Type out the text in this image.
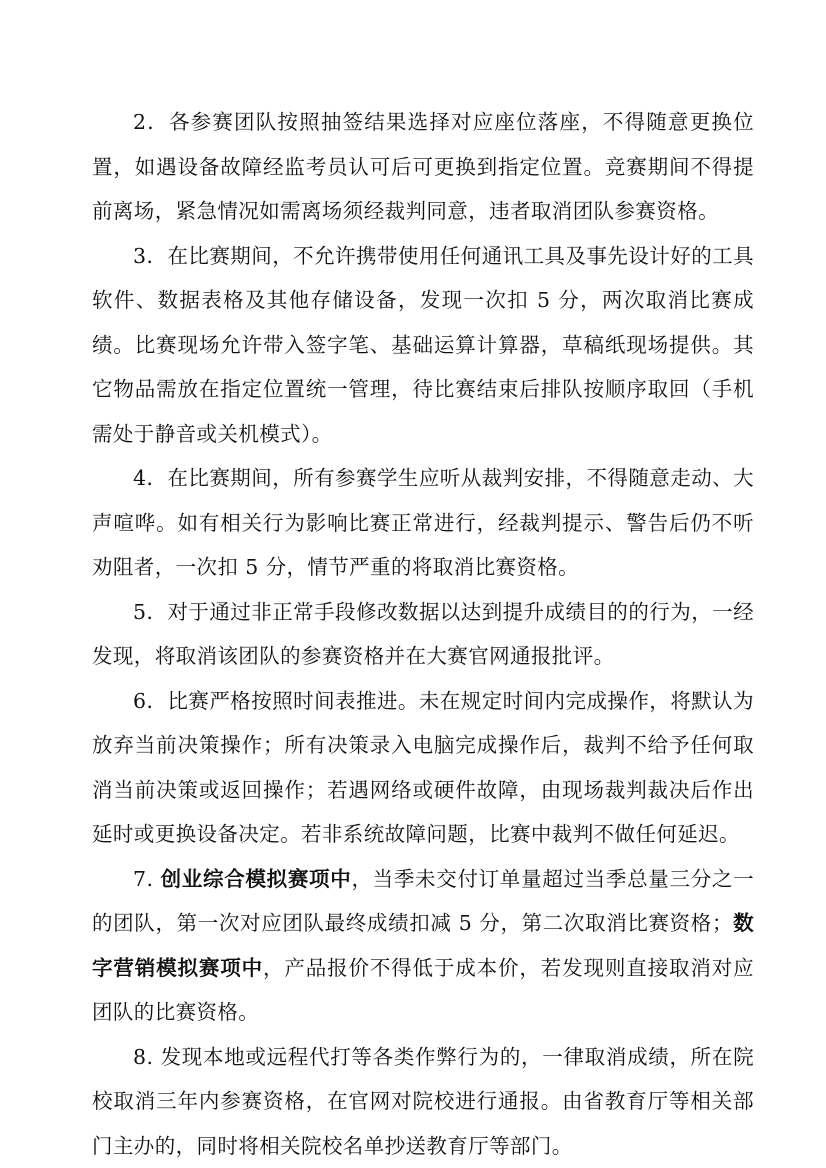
2．各参赛团队按照抽签结果选择对应座位落座，不得随意更换位置，如遇设备故障经监考员认可后可更换到指定位置。竞赛期间不得提前离场，紧急情况如需离场须经裁判同意，违者取消团队参赛资格。

3．在比赛期间，不允许携带使用任何通讯工具及事先设计好的工具软件、数据表格及其他存储设备，发现一次扣 5 分，两次取消比赛成绩。比赛现场允许带入签字笔、基础运算计算器，草稿纸现场提供。其它物品需放在指定位置统一管理，待比赛结束后排队按顺序取回（手机需处于静音或关机模式）。

4．在比赛期间，所有参赛学生应听从裁判安排，不得随意走动、大声喧哗。如有相关行为影响比赛正常进行，经裁判提示、警告后仍不听劝阻者，一次扣 5 分，情节严重的将取消比赛资格。

5．对于通过非正常手段修改数据以达到提升成绩目的的行为，一经发现，将取消该团队的参赛资格并在大赛官网通报批评。

6．比赛严格按照时间表推进。未在规定时间内完成操作，将默认为放弃当前决策操作；所有决策录入电脑完成操作后，裁判不给予任何取消当前决策或返回操作；若遇网络或硬件故障，由现场裁判裁决后作出延时或更换设备决定。若非系统故障问题，比赛中裁判不做任何延迟。

7. 创业综合模拟赛项中，当季未交付订单量超过当季总量三分之一的团队，第一次对应团队最终成绩扣减 5 分，第二次取消比赛资格；数字营销模拟赛项中，产品报价不得低于成本价，若发现则直接取消对应团队的比赛资格。

8. 发现本地或远程代打等各类作弊行为的，一律取消成绩，所在院校取消三年内参赛资格，在官网对院校进行通报。由省教育厅等相关部门主办的，同时将相关院校名单抄送教育厅等部门。
